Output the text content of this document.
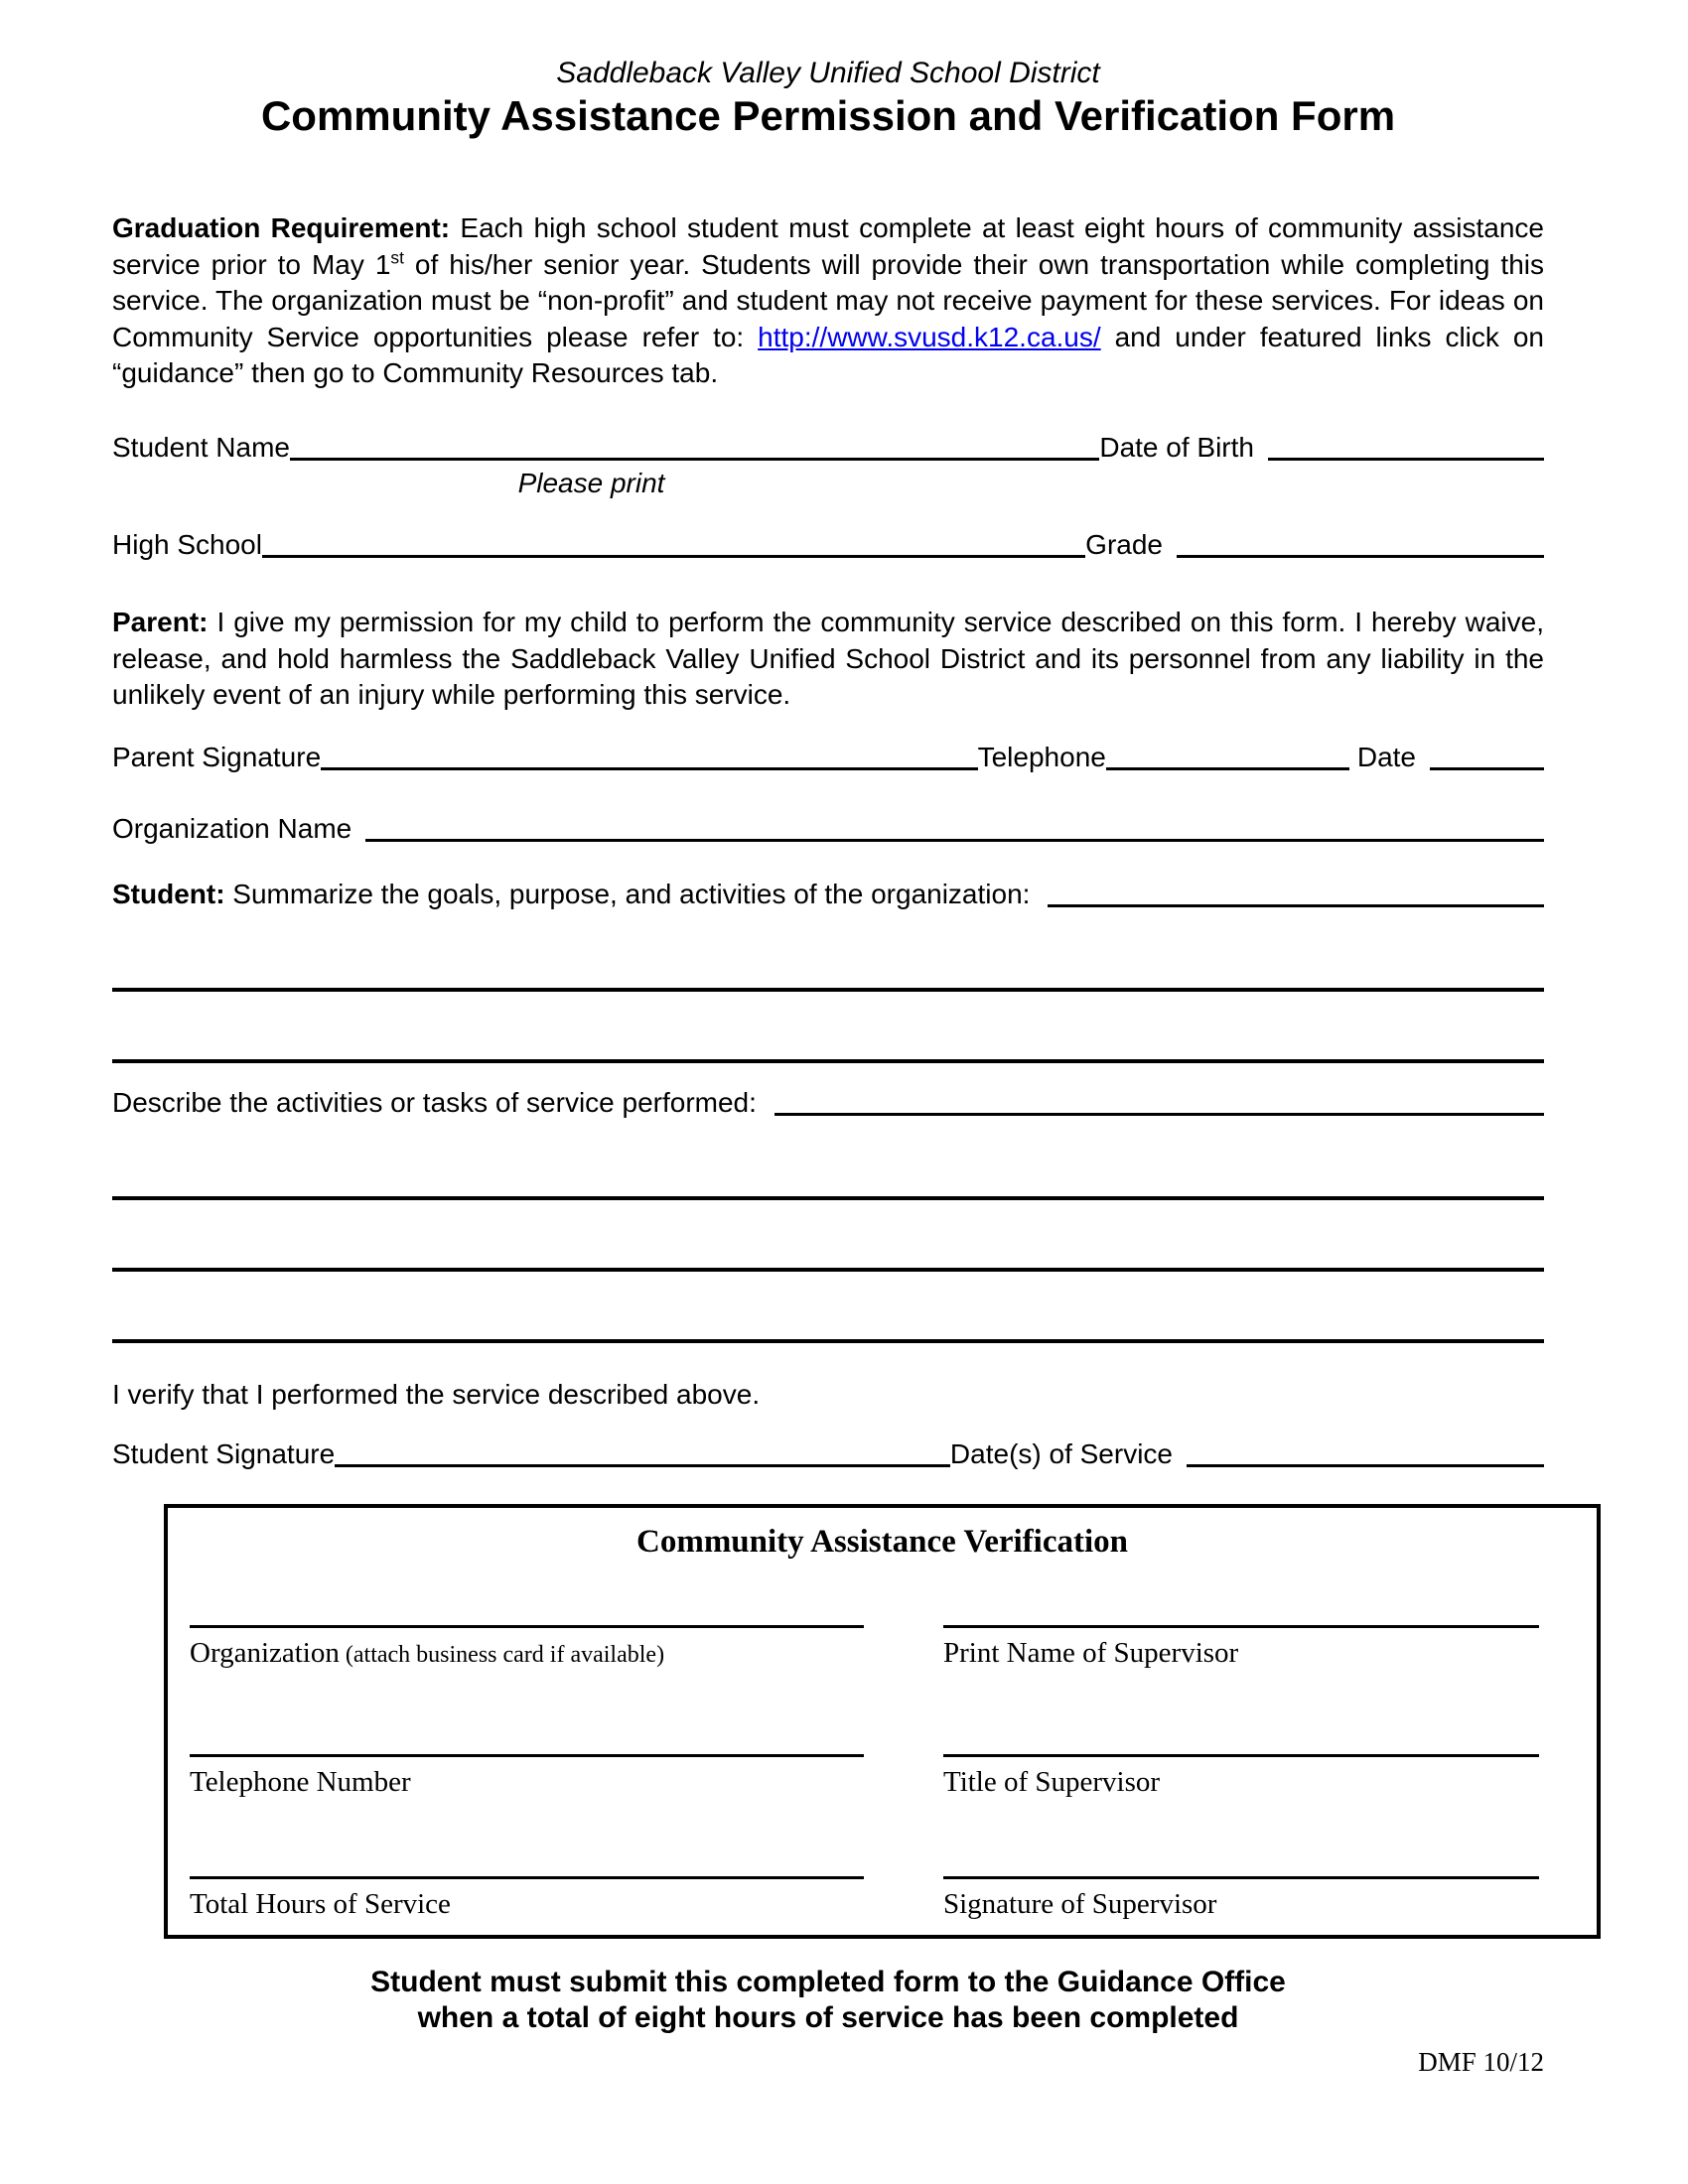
Saddleback Valley Unified School District
Community Assistance Permission and Verification Form

Graduation Requirement: Each high school student must complete at least eight hours of community assistance service prior to May 1st of his/her senior year. Students will provide their own transportation while completing this service. The organization must be “non-profit” and student may not receive payment for these services. For ideas on Community Service opportunities please refer to: http://www.svusd.k12.ca.us/ and under featured links click on “guidance” then go to Community Resources tab.

Student Name	Date of Birth
Please print
High School	Grade

Parent: I give my permission for my child to perform the community service described on this form. I hereby waive, release, and hold harmless the Saddleback Valley Unified School District and its personnel from any liability in the unlikely event of an injury while performing this service.

Parent Signature	Telephone	Date
Organization Name
Student: Summarize the goals, purpose, and activities of the organization:
Describe the activities or tasks of service performed:

I verify that I performed the service described above.

Student Signature	Date(s) of Service
Community Assistance Verification
Organization (attach business card if available)	Print Name of Supervisor
Telephone Number	Title of Supervisor
Total Hours of Service	Signature of Supervisor
Student must submit this completed form to the Guidance Office
when a total of eight hours of service has been completed
DMF 10/12
